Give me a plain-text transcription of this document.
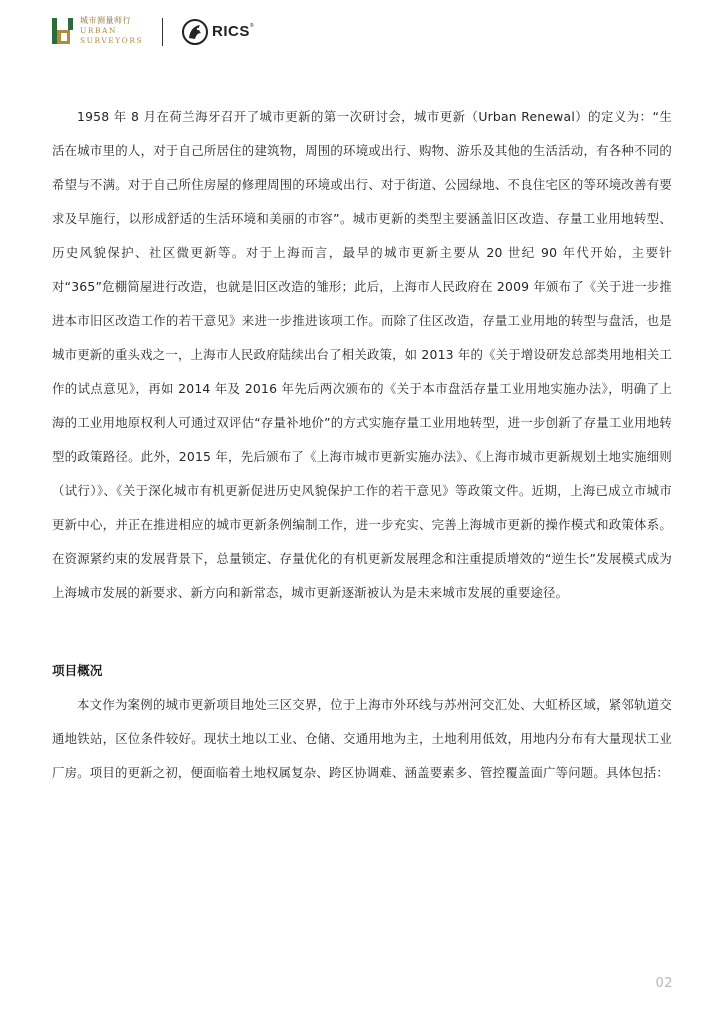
城市测量师行
URBAN
SURVEYORS	RICS®

1958 年 8 月在荷兰海牙召开了城市更新的第一次研讨会，城市更新（Urban Renewal）的定义为：“生活在城市里的人，对于自己所居住的建筑物，周围的环境或出行、购物、游乐及其他的生活活动，有各种不同的希望与不满。对于自己所住房屋的修理周围的环境或出行、对于街道、公园绿地、不良住宅区的等环境改善有要求及早施行，以形成舒适的生活环境和美丽的市容”。城市更新的类型主要涵盖旧区改造、存量工业用地转型、历史风貌保护、社区微更新等。对于上海而言，最早的城市更新主要从 20 世纪 90 年代开始，主要针对“365”危棚简屋进行改造，也就是旧区改造的雏形；此后，上海市人民政府在 2009 年颁布了《关于进一步推进本市旧区改造工作的若干意见》来进一步推进该项工作。而除了住区改造，存量工业用地的转型与盘活，也是城市更新的重头戏之一，上海市人民政府陆续出台了相关政策，如 2013 年的《关于增设研发总部类用地相关工作的试点意见》，再如 2014 年及 2016 年先后两次颁布的《关于本市盘活存量工业用地实施办法》，明确了上海的工业用地原权利人可通过双评估“存量补地价”的方式实施存量工业用地转型，进一步创新了存量工业用地转型的政策路径。此外，2015 年，先后颁布了《上海市城市更新实施办法》、《上海市城市更新规划土地实施细则（试行）》、《关于深化城市有机更新促进历史风貌保护工作的若干意见》等政策文件。近期，上海已成立市城市更新中心，并正在推进相应的城市更新条例编制工作，进一步充实、完善上海城市更新的操作模式和政策体系。在资源紧约束的发展背景下，总量锁定、存量优化的有机更新发展理念和注重提质增效的“逆生长”发展模式成为上海城市发展的新要求、新方向和新常态，城市更新逐渐被认为是未来城市发展的重要途径。

项目概况

本文作为案例的城市更新项目地处三区交界，位于上海市外环线与苏州河交汇处、大虹桥区域，紧邻轨道交通地铁站，区位条件较好。现状土地以工业、仓储、交通用地为主，土地利用低效，用地内分布有大量现状工业厂房。项目的更新之初，便面临着土地权属复杂、跨区协调难、涵盖要素多、管控覆盖面广等问题。具体包括：

02
